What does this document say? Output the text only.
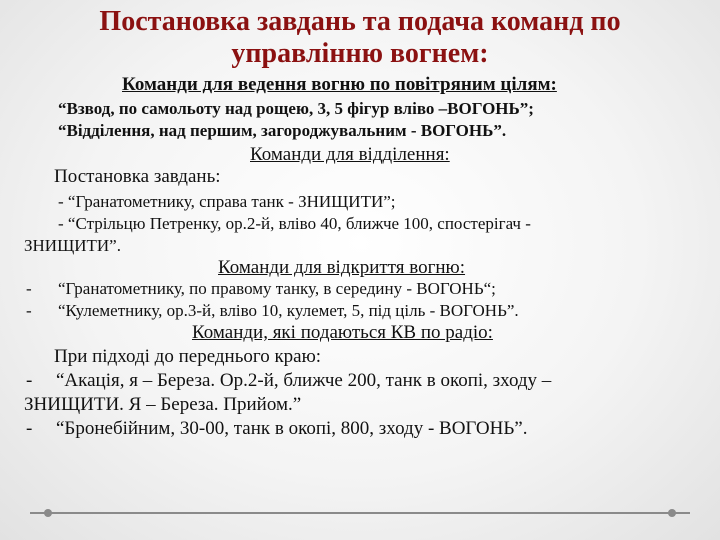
Постановка завдань та подача команд по
управлінню вогнем:
Команди для ведення вогню по повітряним цілям:
“Взвод, по самольоту над рощею, 3, 5 фігур вліво –ВОГОНЬ”;
“Відділення, над першим, загороджувальним - ВОГОНЬ”.
Команди для відділення:
Постановка завдань:
- “Гранатометнику, справа танк - ЗНИЩИТИ”;
- “Стрільцю Петренку, ор.2-й, вліво 40, ближче 100, спостерігач -
ЗНИЩИТИ”.
Команди для відкриття вогню:
- “Гранатометнику, по правому танку, в середину - ВОГОНЬ“;
- “Кулеметнику, ор.3-й, вліво 10, кулемет, 5, під ціль - ВОГОНЬ”.
Команди, які подаються КВ по радіо:
При підході до переднього краю:
- “Акація, я – Береза. Ор.2-й, ближче 200, танк в окопі, зходу –
ЗНИЩИТИ. Я – Береза. Прийом.”
- “Бронебійним, 30-00, танк в окопі, 800, зходу - ВОГОНЬ”.
